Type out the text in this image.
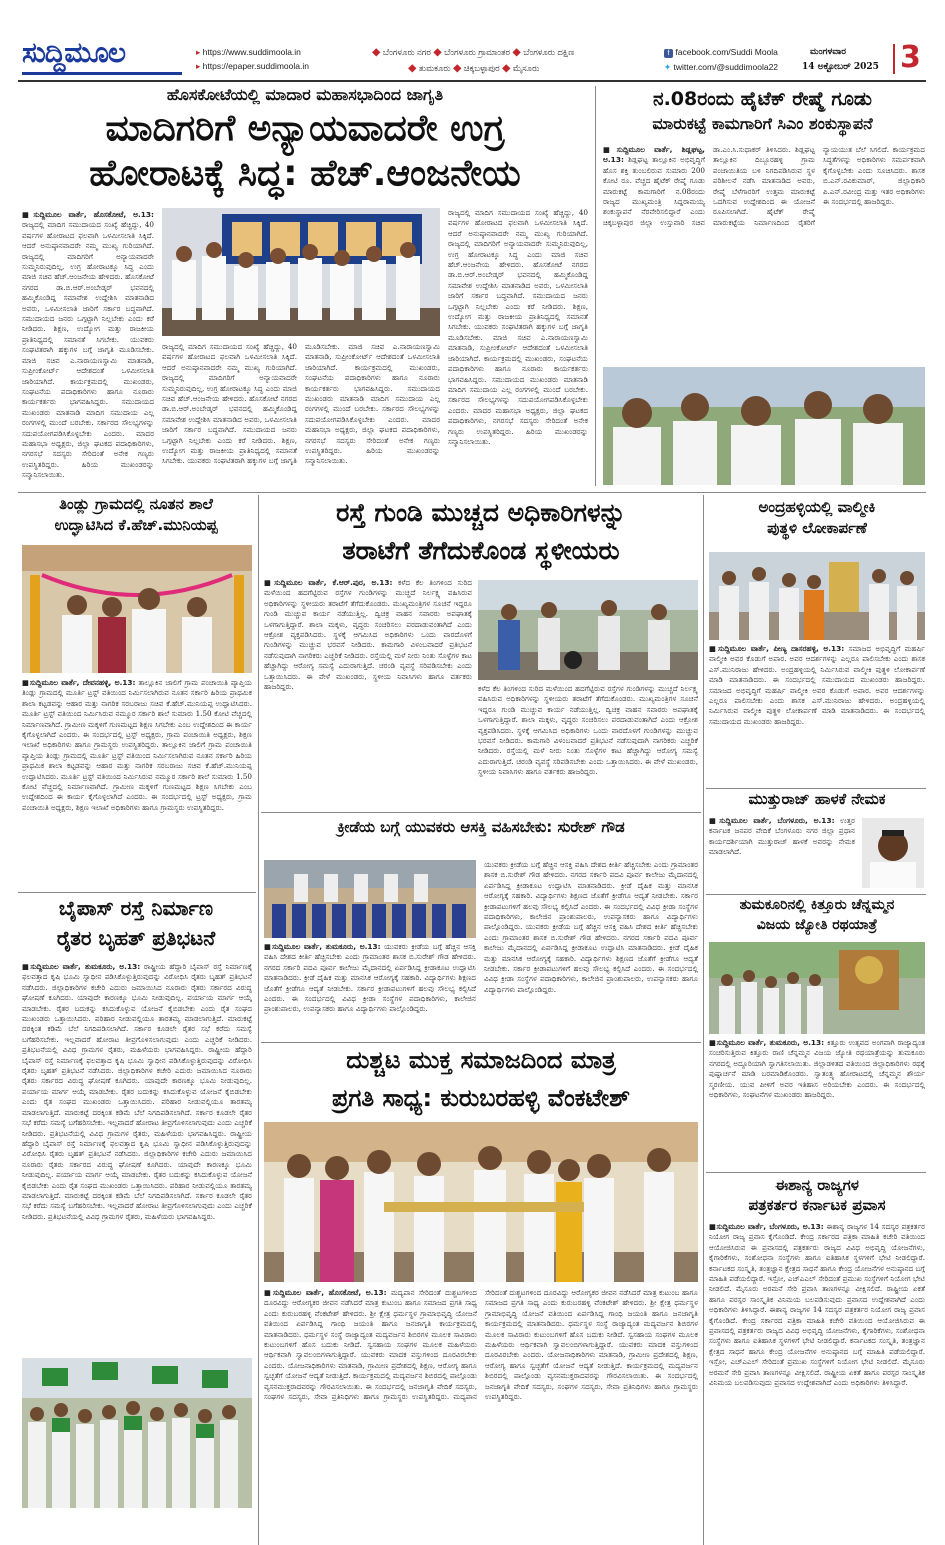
ಸುದ್ದಿಮೂಲ	▸ https://www.suddimoola.in
▸ https://epaper.suddimoola.in
◆ ಬೆಂಗಳೂರು ನಗರ ◆ ಬೆಂಗಳೂರು ಗ್ರಾಮಾಂತರ ◆ ಬೆಂಗಳೂರು ದಕ್ಷಿಣ
◆ ತುಮಕೂರು ◆ ಚಿಕ್ಕಬಳ್ಳಾಪುರ ◆ ಮೈಸೂರು
f facebook.com/Suddi Moola
✦ twitter.com/@suddimoola22
ಮಂಗಳವಾರ
14 ಅಕ್ಟೋಬರ್ 2025 3
ಹೊಸಕೋಟೆಯಲ್ಲಿ ಮಾದಾರ ಮಹಾಸಭಾದಿಂದ ಜಾಗೃತಿ
ಮಾದಿಗರಿಗೆ ಅನ್ಯಾಯವಾದರೇ ಉಗ್ರ
ಹೋರಾಟಕ್ಕೆ ಸಿದ್ಧ: ಹೆಚ್.ಆಂಜನೇಯ
■ಸುದ್ದಿಮೂಲ ವಾರ್ತೆ, ಹೊಸಕೋಟೆ, ಅ.13: ರಾಜ್ಯದಲ್ಲಿ ಮಾದಿಗ ಸಮುದಾಯದ ಸಂಖ್ಯೆ ಹೆಚ್ಚಿದ್ದು, 40 ವರ್ಷಗಳ ಹೋರಾಟದ ಫಲವಾಗಿ ಒಳಮೀಸಲಾತಿ ಸಿಕ್ಕಿದೆ. ಆದರೆ ಅನುಷ್ಠಾನವಾದರೇ ನಮ್ಮ ಮುಖ್ಯ ಗುರಿಯಾಗಿದೆ. ರಾಜ್ಯದಲ್ಲಿ ಮಾದಿಗರಿಗೆ ಅನ್ಯಾಯವಾದರೇ ಸುಮ್ಮನಿರುವುದಿಲ್ಲ, ಉಗ್ರ ಹೋರಾಟಕ್ಕೂ ಸಿದ್ಧ ಎಂದು ಮಾಜಿ ಸಚಿವ ಹೆಚ್.ಆಂಜನೇಯ ಹೇಳಿದರು. ಹೊಸಕೋಟೆ ನಗರದ ಡಾ.ಬಿ.ಆರ್.ಅಂಬೇಡ್ಕರ್ ಭವನದಲ್ಲಿ ಹಮ್ಮಿಕೊಂಡಿದ್ದ ಸಮಾವೇಶ ಉದ್ದೇಶಿಸಿ ಮಾತನಾಡಿದ ಅವರು, ಒಳಮೀಸಲಾತಿ ಜಾರಿಗೆ ಸರ್ಕಾರ ಬದ್ಧವಾಗಿದೆ. ಸಮುದಾಯದ ಜನರು ಒಗ್ಗಟ್ಟಾಗಿ ನಿಲ್ಲಬೇಕು ಎಂದು ಕರೆ ನೀಡಿದರು. ಶಿಕ್ಷಣ, ಉದ್ಯೋಗ ಮತ್ತು ರಾಜಕೀಯ ಪ್ರಾತಿನಿಧ್ಯದಲ್ಲಿ ಸಮಾನತೆ ಸಿಗಬೇಕು. ಯುವಕರು ಸಂಘಟಿತರಾಗಿ ಹಕ್ಕುಗಳ ಬಗ್ಗೆ ಜಾಗೃತಿ ಮೂಡಿಸಬೇಕು. ಮಾಜಿ ಸಚಿವ ಎ.ನಾರಾಯಣಸ್ವಾಮಿ ಮಾತನಾಡಿ, ಸುಪ್ರೀಂಕೋರ್ಟ್ ಆದೇಶದಂತೆ ಒಳಮೀಸಲಾತಿ ಜಾರಿಯಾಗಿದೆ. ಕಾರ್ಯಕ್ರಮದಲ್ಲಿ ಮುಖಂಡರು, ಸಂಘಟನೆಯ ಪದಾಧಿಕಾರಿಗಳು ಹಾಗೂ ನೂರಾರು ಕಾರ್ಯಕರ್ತರು ಭಾಗವಹಿಸಿದ್ದರು. ಸಮುದಾಯದ ಮುಖಂಡರು ಮಾತನಾಡಿ ಮಾದಿಗ ಸಮುದಾಯ ಎಲ್ಲ ರಂಗಗಳಲ್ಲಿ ಮುಂದೆ ಬರಬೇಕು. ಸರ್ಕಾರದ ಸೌಲಭ್ಯಗಳನ್ನು ಸದುಪಯೋಗಪಡಿಸಿಕೊಳ್ಳಬೇಕು ಎಂದರು. ಮಾದರ ಮಹಾಸಭಾ ಅಧ್ಯಕ್ಷರು, ಜಿಲ್ಲಾ ಘಟಕದ ಪದಾಧಿಕಾರಿಗಳು, ನಗರಸಭೆ ಸದಸ್ಯರು ಸೇರಿದಂತೆ ಅನೇಕ ಗಣ್ಯರು ಉಪಸ್ಥಿತರಿದ್ದರು. ಹಿರಿಯ ಮುಖಂಡರನ್ನು ಸನ್ಮಾನಿಸಲಾಯಿತು.
ರಾಜ್ಯದಲ್ಲಿ ಮಾದಿಗ ಸಮುದಾಯದ ಸಂಖ್ಯೆ ಹೆಚ್ಚಿದ್ದು, 40 ವರ್ಷಗಳ ಹೋರಾಟದ ಫಲವಾಗಿ ಒಳಮೀಸಲಾತಿ ಸಿಕ್ಕಿದೆ. ಆದರೆ ಅನುಷ್ಠಾನವಾದರೇ ನಮ್ಮ ಮುಖ್ಯ ಗುರಿಯಾಗಿದೆ. ರಾಜ್ಯದಲ್ಲಿ ಮಾದಿಗರಿಗೆ ಅನ್ಯಾಯವಾದರೇ ಸುಮ್ಮನಿರುವುದಿಲ್ಲ, ಉಗ್ರ ಹೋರಾಟಕ್ಕೂ ಸಿದ್ಧ ಎಂದು ಮಾಜಿ ಸಚಿವ ಹೆಚ್.ಆಂಜನೇಯ ಹೇಳಿದರು. ಹೊಸಕೋಟೆ ನಗರದ ಡಾ.ಬಿ.ಆರ್.ಅಂಬೇಡ್ಕರ್ ಭವನದಲ್ಲಿ ಹಮ್ಮಿಕೊಂಡಿದ್ದ ಸಮಾವೇಶ ಉದ್ದೇಶಿಸಿ ಮಾತನಾಡಿದ ಅವರು, ಒಳಮೀಸಲಾತಿ ಜಾರಿಗೆ ಸರ್ಕಾರ ಬದ್ಧವಾಗಿದೆ. ಸಮುದಾಯದ ಜನರು ಒಗ್ಗಟ್ಟಾಗಿ ನಿಲ್ಲಬೇಕು ಎಂದು ಕರೆ ನೀಡಿದರು. ಶಿಕ್ಷಣ, ಉದ್ಯೋಗ ಮತ್ತು ರಾಜಕೀಯ ಪ್ರಾತಿನಿಧ್ಯದಲ್ಲಿ ಸಮಾನತೆ ಸಿಗಬೇಕು. ಯುವಕರು ಸಂಘಟಿತರಾಗಿ ಹಕ್ಕುಗಳ ಬಗ್ಗೆ ಜಾಗೃತಿ ಮೂಡಿಸಬೇಕು. ಮಾಜಿ ಸಚಿವ ಎ.ನಾರಾಯಣಸ್ವಾಮಿ ಮಾತನಾಡಿ, ಸುಪ್ರೀಂಕೋರ್ಟ್ ಆದೇಶದಂತೆ ಒಳಮೀಸಲಾತಿ ಜಾರಿಯಾಗಿದೆ. ಕಾರ್ಯಕ್ರಮದಲ್ಲಿ ಮುಖಂಡರು, ಸಂಘಟನೆಯ ಪದಾಧಿಕಾರಿಗಳು ಹಾಗೂ ನೂರಾರು ಕಾರ್ಯಕರ್ತರು ಭಾಗವಹಿಸಿದ್ದರು. ಸಮುದಾಯದ ಮುಖಂಡರು ಮಾತನಾಡಿ ಮಾದಿಗ ಸಮುದಾಯ ಎಲ್ಲ ರಂಗಗಳಲ್ಲಿ ಮುಂದೆ ಬರಬೇಕು. ಸರ್ಕಾರದ ಸೌಲಭ್ಯಗಳನ್ನು ಸದುಪಯೋಗಪಡಿಸಿಕೊಳ್ಳಬೇಕು ಎಂದರು. ಮಾದರ ಮಹಾಸಭಾ ಅಧ್ಯಕ್ಷರು, ಜಿಲ್ಲಾ ಘಟಕದ ಪದಾಧಿಕಾರಿಗಳು, ನಗರಸಭೆ ಸದಸ್ಯರು ಸೇರಿದಂತೆ ಅನೇಕ ಗಣ್ಯರು ಉಪಸ್ಥಿತರಿದ್ದರು. ಹಿರಿಯ ಮುಖಂಡರನ್ನು ಸನ್ಮಾನಿಸಲಾಯಿತು.
ರಾಜ್ಯದಲ್ಲಿ ಮಾದಿಗ ಸಮುದಾಯದ ಸಂಖ್ಯೆ ಹೆಚ್ಚಿದ್ದು, 40 ವರ್ಷಗಳ ಹೋರಾಟದ ಫಲವಾಗಿ ಒಳಮೀಸಲಾತಿ ಸಿಕ್ಕಿದೆ. ಆದರೆ ಅನುಷ್ಠಾನವಾದರೇ ನಮ್ಮ ಮುಖ್ಯ ಗುರಿಯಾಗಿದೆ. ರಾಜ್ಯದಲ್ಲಿ ಮಾದಿಗರಿಗೆ ಅನ್ಯಾಯವಾದರೇ ಸುಮ್ಮನಿರುವುದಿಲ್ಲ, ಉಗ್ರ ಹೋರಾಟಕ್ಕೂ ಸಿದ್ಧ ಎಂದು ಮಾಜಿ ಸಚಿವ ಹೆಚ್.ಆಂಜನೇಯ ಹೇಳಿದರು. ಹೊಸಕೋಟೆ ನಗರದ ಡಾ.ಬಿ.ಆರ್.ಅಂಬೇಡ್ಕರ್ ಭವನದಲ್ಲಿ ಹಮ್ಮಿಕೊಂಡಿದ್ದ ಸಮಾವೇಶ ಉದ್ದೇಶಿಸಿ ಮಾತನಾಡಿದ ಅವರು, ಒಳಮೀಸಲಾತಿ ಜಾರಿಗೆ ಸರ್ಕಾರ ಬದ್ಧವಾಗಿದೆ. ಸಮುದಾಯದ ಜನರು ಒಗ್ಗಟ್ಟಾಗಿ ನಿಲ್ಲಬೇಕು ಎಂದು ಕರೆ ನೀಡಿದರು. ಶಿಕ್ಷಣ, ಉದ್ಯೋಗ ಮತ್ತು ರಾಜಕೀಯ ಪ್ರಾತಿನಿಧ್ಯದಲ್ಲಿ ಸಮಾನತೆ ಸಿಗಬೇಕು. ಯುವಕರು ಸಂಘಟಿತರಾಗಿ ಹಕ್ಕುಗಳ ಬಗ್ಗೆ ಜಾಗೃತಿ ಮೂಡಿಸಬೇಕು. ಮಾಜಿ ಸಚಿವ ಎ.ನಾರಾಯಣಸ್ವಾಮಿ ಮಾತನಾಡಿ, ಸುಪ್ರೀಂಕೋರ್ಟ್ ಆದೇಶದಂತೆ ಒಳಮೀಸಲಾತಿ ಜಾರಿಯಾಗಿದೆ. ಕಾರ್ಯಕ್ರಮದಲ್ಲಿ ಮುಖಂಡರು, ಸಂಘಟನೆಯ ಪದಾಧಿಕಾರಿಗಳು ಹಾಗೂ ನೂರಾರು ಕಾರ್ಯಕರ್ತರು ಭಾಗವಹಿಸಿದ್ದರು. ಸಮುದಾಯದ ಮುಖಂಡರು ಮಾತನಾಡಿ ಮಾದಿಗ ಸಮುದಾಯ ಎಲ್ಲ ರಂಗಗಳಲ್ಲಿ ಮುಂದೆ ಬರಬೇಕು. ಸರ್ಕಾರದ ಸೌಲಭ್ಯಗಳನ್ನು ಸದುಪಯೋಗಪಡಿಸಿಕೊಳ್ಳಬೇಕು ಎಂದರು. ಮಾದರ ಮಹಾಸಭಾ ಅಧ್ಯಕ್ಷರು, ಜಿಲ್ಲಾ ಘಟಕದ ಪದಾಧಿಕಾರಿಗಳು, ನಗರಸಭೆ ಸದಸ್ಯರು ಸೇರಿದಂತೆ ಅನೇಕ ಗಣ್ಯರು ಉಪಸ್ಥಿತರಿದ್ದರು. ಹಿರಿಯ ಮುಖಂಡರನ್ನು ಸನ್ಮಾನಿಸಲಾಯಿತು.
ನ.08ರಂದು ಹೈಟೆಕ್ ರೇಷ್ಮೆ ಗೂಡು
ಮಾರುಕಟ್ಟೆ ಕಾಮಗಾರಿಗೆ ಸಿಎಂ ಶಂಕುಸ್ಥಾಪನೆ
■ಸುದ್ದಿಮೂಲ ವಾರ್ತೆ, ಶಿಡ್ಲಘಟ್ಟ, ಅ.13: ಶಿಡ್ಲಘಟ್ಟ ತಾಲ್ಲೂಕಿನ ಅಭಿವೃದ್ಧಿಗೆ ಹೊಸ ಶಕ್ತಿ ತುಂಬಲಿರುವ ಸುಮಾರು 200 ಕೋಟಿ ರೂ. ವೆಚ್ಚದ ಹೈಟೆಕ್ ರೇಷ್ಮೆ ಗೂಡು ಮಾರುಕಟ್ಟೆ ಕಾಮಗಾರಿಗೆ ನ.08ರಂದು ರಾಜ್ಯದ ಮುಖ್ಯಮಂತ್ರಿ ಸಿದ್ದರಾಮಯ್ಯ ಶಂಕುಸ್ಥಾಪನೆ ನೆರವೇರಿಸಲಿದ್ದಾರೆ ಎಂದು ಚಿಕ್ಕಬಳ್ಳಾಪುರ ಜಿಲ್ಲಾ ಉಸ್ತುವಾರಿ ಸಚಿವ ಡಾ.ಎಂ.ಸಿ.ಸುಧಾಕರ್ ತಿಳಿಸಿದರು. ಶಿಡ್ಲಘಟ್ಟ ತಾಲ್ಲೂಕಿನ ದಿಬ್ಬೂರಹಳ್ಳಿ ಗ್ರಾಮ ಪಂಚಾಯಿತಿಯ ಬಳಿ ನಿಗದಿಪಡಿಸಿರುವ ಸ್ಥಳ ಪರಿಶೀಲನೆ ನಡೆಸಿ ಮಾತನಾಡಿದ ಅವರು, ರೇಷ್ಮೆ ಬೆಳೆಗಾರರಿಗೆ ಉತ್ತಮ ಮಾರುಕಟ್ಟೆ ಒದಗಿಸುವ ಉದ್ದೇಶದಿಂದ ಈ ಯೋಜನೆ ರೂಪಿಸಲಾಗಿದೆ. ಹೈಟೆಕ್ ರೇಷ್ಮೆ ಮಾರುಕಟ್ಟೆಯ ನಿರ್ಮಾಣದಿಂದ ರೈತರಿಗೆ ನ್ಯಾಯಯುತ ಬೆಲೆ ಸಿಗಲಿದೆ. ಕಾರ್ಯಕ್ರಮದ ಸಿದ್ಧತೆಗಳನ್ನು ಅಧಿಕಾರಿಗಳು ಸಮರ್ಪಕವಾಗಿ ಕೈಗೊಳ್ಳಬೇಕು ಎಂದು ಸೂಚಿಸಿದರು. ಶಾಸಕ ಬಿ.ಎನ್.ರವಿಕುಮಾರ್, ಜಿಲ್ಲಾಧಿಕಾರಿ ಪಿ.ಎನ್.ರವೀಂದ್ರ ಮತ್ತು ಇತರ ಅಧಿಕಾರಿಗಳು ಈ ಸಂದರ್ಭದಲ್ಲಿ ಹಾಜರಿದ್ದರು.
ತಿಂಡ್ಲು ಗ್ರಾಮದಲ್ಲಿ ನೂತನ ಶಾಲೆ
ಉದ್ಘಾಟಿಸಿದ ಕೆ.ಹೆಚ್.ಮುನಿಯಪ್ಪ
■ಸುದ್ದಿಮೂಲ ವಾರ್ತೆ, ದೇವನಹಳ್ಳಿ, ಅ.13: ತಾಲ್ಲೂಕಿನ ಜಾಲಿಗೆ ಗ್ರಾಮ ಪಂಚಾಯಿತಿ ವ್ಯಾಪ್ತಿಯ ತಿಂಡ್ಲು ಗ್ರಾಮದಲ್ಲಿ ಮೂರ್ತಿ ಟ್ರಸ್ಟ್ ವತಿಯಿಂದ ನಿರ್ಮಿಸಲಾಗಿರುವ ನೂತನ ಸರ್ಕಾರಿ ಹಿರಿಯ ಪ್ರಾಥಮಿಕ ಶಾಲಾ ಕಟ್ಟಡವನ್ನು ಆಹಾರ ಮತ್ತು ನಾಗರಿಕ ಸರಬರಾಜು ಸಚಿವ ಕೆ.ಹೆಚ್.ಮುನಿಯಪ್ಪ ಉದ್ಘಾಟಿಸಿದರು. ಮೂರ್ತಿ ಟ್ರಸ್ಟ್ ವತಿಯಿಂದ ನಿರ್ಮಿಸಿರುವ ನಮ್ಮೂರ ಸರ್ಕಾರಿ ಶಾಲೆ ಸುಮಾರು 1.50 ಕೋಟಿ ವೆಚ್ಚದಲ್ಲಿ ನಿರ್ಮಾಣವಾಗಿದೆ. ಗ್ರಾಮೀಣ ಮಕ್ಕಳಿಗೆ ಗುಣಮಟ್ಟದ ಶಿಕ್ಷಣ ಸಿಗಬೇಕು ಎಂಬ ಉದ್ದೇಶದಿಂದ ಈ ಕಾರ್ಯ ಕೈಗೊಳ್ಳಲಾಗಿದೆ ಎಂದರು. ಈ ಸಂದರ್ಭದಲ್ಲಿ ಟ್ರಸ್ಟ್ ಅಧ್ಯಕ್ಷರು, ಗ್ರಾಮ ಪಂಚಾಯಿತಿ ಅಧ್ಯಕ್ಷರು, ಶಿಕ್ಷಣ ಇಲಾಖೆ ಅಧಿಕಾರಿಗಳು ಹಾಗೂ ಗ್ರಾಮಸ್ಥರು ಉಪಸ್ಥಿತರಿದ್ದರು. ತಾಲ್ಲೂಕಿನ ಜಾಲಿಗೆ ಗ್ರಾಮ ಪಂಚಾಯಿತಿ ವ್ಯಾಪ್ತಿಯ ತಿಂಡ್ಲು ಗ್ರಾಮದಲ್ಲಿ ಮೂರ್ತಿ ಟ್ರಸ್ಟ್ ವತಿಯಿಂದ ನಿರ್ಮಿಸಲಾಗಿರುವ ನೂತನ ಸರ್ಕಾರಿ ಹಿರಿಯ ಪ್ರಾಥಮಿಕ ಶಾಲಾ ಕಟ್ಟಡವನ್ನು ಆಹಾರ ಮತ್ತು ನಾಗರಿಕ ಸರಬರಾಜು ಸಚಿವ ಕೆ.ಹೆಚ್.ಮುನಿಯಪ್ಪ ಉದ್ಘಾಟಿಸಿದರು. ಮೂರ್ತಿ ಟ್ರಸ್ಟ್ ವತಿಯಿಂದ ನಿರ್ಮಿಸಿರುವ ನಮ್ಮೂರ ಸರ್ಕಾರಿ ಶಾಲೆ ಸುಮಾರು 1.50 ಕೋಟಿ ವೆಚ್ಚದಲ್ಲಿ ನಿರ್ಮಾಣವಾಗಿದೆ. ಗ್ರಾಮೀಣ ಮಕ್ಕಳಿಗೆ ಗುಣಮಟ್ಟದ ಶಿಕ್ಷಣ ಸಿಗಬೇಕು ಎಂಬ ಉದ್ದೇಶದಿಂದ ಈ ಕಾರ್ಯ ಕೈಗೊಳ್ಳಲಾಗಿದೆ ಎಂದರು. ಈ ಸಂದರ್ಭದಲ್ಲಿ ಟ್ರಸ್ಟ್ ಅಧ್ಯಕ್ಷರು, ಗ್ರಾಮ ಪಂಚಾಯಿತಿ ಅಧ್ಯಕ್ಷರು, ಶಿಕ್ಷಣ ಇಲಾಖೆ ಅಧಿಕಾರಿಗಳು ಹಾಗೂ ಗ್ರಾಮಸ್ಥರು ಉಪಸ್ಥಿತರಿದ್ದರು.
ರಸ್ತೆ ಗುಂಡಿ ಮುಚ್ಚದ ಅಧಿಕಾರಿಗಳನ್ನು
ತರಾಟೆಗೆ ತೆಗೆದುಕೊಂಡ ಸ್ಥಳೀಯರು
■ಸುದ್ದಿಮೂಲ ವಾರ್ತೆ, ಕೆ.ಆರ್.ಪುರ, ಅ.13: ಕಳೆದ ಕೆಲ ತಿಂಗಳಿಂದ ಸುರಿದ ಮಳೆಯಿಂದ ಹದಗೆಟ್ಟಿರುವ ರಸ್ತೆಗಳ ಗುಂಡಿಗಳನ್ನು ಮುಚ್ಚದೆ ನಿರ್ಲಕ್ಷ್ಯ ವಹಿಸಿರುವ ಅಧಿಕಾರಿಗಳನ್ನು ಸ್ಥಳೀಯರು ತರಾಟೆಗೆ ತೆಗೆದುಕೊಂಡರು. ಮುಖ್ಯಮಂತ್ರಿಗಳ ಸೂಚನೆ ಇದ್ದರೂ ಗುಂಡಿ ಮುಚ್ಚುವ ಕಾರ್ಯ ನಡೆಯುತ್ತಿಲ್ಲ. ದ್ವಿಚಕ್ರ ವಾಹನ ಸವಾರರು ಅಪಘಾತಕ್ಕೆ ಒಳಗಾಗುತ್ತಿದ್ದಾರೆ. ಶಾಲಾ ಮಕ್ಕಳು, ವೃದ್ಧರು ಸಂಚರಿಸಲು ಪರದಾಡುವಂತಾಗಿದೆ ಎಂದು ಆಕ್ರೋಶ ವ್ಯಕ್ತಪಡಿಸಿದರು. ಸ್ಥಳಕ್ಕೆ ಆಗಮಿಸಿದ ಅಧಿಕಾರಿಗಳು ಒಂದು ವಾರದೊಳಗೆ ಗುಂಡಿಗಳನ್ನು ಮುಚ್ಚುವ ಭರವಸೆ ನೀಡಿದರು. ಕಾಮಗಾರಿ ವಿಳಂಬವಾದರೆ ಪ್ರತಿಭಟನೆ ನಡೆಸುವುದಾಗಿ ನಾಗರಿಕರು ಎಚ್ಚರಿಕೆ ನೀಡಿದರು. ರಸ್ತೆಯಲ್ಲಿ ಮಳೆ ನೀರು ನಿಂತು ಸೊಳ್ಳೆಗಳ ಕಾಟ ಹೆಚ್ಚಾಗಿದ್ದು ಆರೋಗ್ಯ ಸಮಸ್ಯೆ ಎದುರಾಗುತ್ತಿದೆ. ಚರಂಡಿ ವ್ಯವಸ್ಥೆ ಸರಿಪಡಿಸಬೇಕು ಎಂದು ಒತ್ತಾಯಿಸಿದರು. ಈ ವೇಳೆ ಮುಖಂಡರು, ಸ್ಥಳೀಯ ನಿವಾಸಿಗಳು ಹಾಗೂ ವರ್ತಕರು ಹಾಜರಿದ್ದರು.	ಕಳೆದ ಕೆಲ ತಿಂಗಳಿಂದ ಸುರಿದ ಮಳೆಯಿಂದ ಹದಗೆಟ್ಟಿರುವ ರಸ್ತೆಗಳ ಗುಂಡಿಗಳನ್ನು ಮುಚ್ಚದೆ ನಿರ್ಲಕ್ಷ್ಯ ವಹಿಸಿರುವ ಅಧಿಕಾರಿಗಳನ್ನು ಸ್ಥಳೀಯರು ತರಾಟೆಗೆ ತೆಗೆದುಕೊಂಡರು. ಮುಖ್ಯಮಂತ್ರಿಗಳ ಸೂಚನೆ ಇದ್ದರೂ ಗುಂಡಿ ಮುಚ್ಚುವ ಕಾರ್ಯ ನಡೆಯುತ್ತಿಲ್ಲ. ದ್ವಿಚಕ್ರ ವಾಹನ ಸವಾರರು ಅಪಘಾತಕ್ಕೆ ಒಳಗಾಗುತ್ತಿದ್ದಾರೆ. ಶಾಲಾ ಮಕ್ಕಳು, ವೃದ್ಧರು ಸಂಚರಿಸಲು ಪರದಾಡುವಂತಾಗಿದೆ ಎಂದು ಆಕ್ರೋಶ ವ್ಯಕ್ತಪಡಿಸಿದರು. ಸ್ಥಳಕ್ಕೆ ಆಗಮಿಸಿದ ಅಧಿಕಾರಿಗಳು ಒಂದು ವಾರದೊಳಗೆ ಗುಂಡಿಗಳನ್ನು ಮುಚ್ಚುವ ಭರವಸೆ ನೀಡಿದರು. ಕಾಮಗಾರಿ ವಿಳಂಬವಾದರೆ ಪ್ರತಿಭಟನೆ ನಡೆಸುವುದಾಗಿ ನಾಗರಿಕರು ಎಚ್ಚರಿಕೆ ನೀಡಿದರು. ರಸ್ತೆಯಲ್ಲಿ ಮಳೆ ನೀರು ನಿಂತು ಸೊಳ್ಳೆಗಳ ಕಾಟ ಹೆಚ್ಚಾಗಿದ್ದು ಆರೋಗ್ಯ ಸಮಸ್ಯೆ ಎದುರಾಗುತ್ತಿದೆ. ಚರಂಡಿ ವ್ಯವಸ್ಥೆ ಸರಿಪಡಿಸಬೇಕು ಎಂದು ಒತ್ತಾಯಿಸಿದರು. ಈ ವೇಳೆ ಮುಖಂಡರು, ಸ್ಥಳೀಯ ನಿವಾಸಿಗಳು ಹಾಗೂ ವರ್ತಕರು ಹಾಜರಿದ್ದರು.
ಅಂದ್ರಹಳ್ಳಿಯಲ್ಲಿ ವಾಲ್ಮೀಕಿ
ಪುತ್ಥಳಿ ಲೋಕಾರ್ಪಣೆ
■ಸುದ್ದಿಮೂಲ ವಾರ್ತೆ, ಪೀಣ್ಯ ದಾಸರಹಳ್ಳಿ, ಅ.13: ಸಮಾಜದ ಅಭಿವೃದ್ಧಿಗೆ ಮಹರ್ಷಿ ವಾಲ್ಮೀಕಿ ಅವರ ಕೊಡುಗೆ ಅಪಾರ. ಅವರ ಆದರ್ಶಗಳನ್ನು ಎಲ್ಲರೂ ಪಾಲಿಸಬೇಕು ಎಂದು ಶಾಸಕ ಎಸ್.ಮುನಿರಾಜು ಹೇಳಿದರು. ಅಂದ್ರಹಳ್ಳಿಯಲ್ಲಿ ನಿರ್ಮಿಸಿರುವ ವಾಲ್ಮೀಕಿ ಪುತ್ಥಳಿ ಲೋಕಾರ್ಪಣೆ ಮಾಡಿ ಮಾತನಾಡಿದರು. ಈ ಸಂದರ್ಭದಲ್ಲಿ ಸಮುದಾಯದ ಮುಖಂಡರು ಹಾಜರಿದ್ದರು. ಸಮಾಜದ ಅಭಿವೃದ್ಧಿಗೆ ಮಹರ್ಷಿ ವಾಲ್ಮೀಕಿ ಅವರ ಕೊಡುಗೆ ಅಪಾರ. ಅವರ ಆದರ್ಶಗಳನ್ನು ಎಲ್ಲರೂ ಪಾಲಿಸಬೇಕು ಎಂದು ಶಾಸಕ ಎಸ್.ಮುನಿರಾಜು ಹೇಳಿದರು. ಅಂದ್ರಹಳ್ಳಿಯಲ್ಲಿ ನಿರ್ಮಿಸಿರುವ ವಾಲ್ಮೀಕಿ ಪುತ್ಥಳಿ ಲೋಕಾರ್ಪಣೆ ಮಾಡಿ ಮಾತನಾಡಿದರು. ಈ ಸಂದರ್ಭದಲ್ಲಿ ಸಮುದಾಯದ ಮುಖಂಡರು ಹಾಜರಿದ್ದರು.
ಮುತ್ತುರಾಜ್ ಹಾಳಕೆ ನೇಮಕ
■ಸುದ್ದಿಮೂಲ ವಾರ್ತೆ, ಬೆಂಗಳೂರು, ಅ.13: ಉತ್ತರ ಕರ್ನಾಟಕ ಜನಪರ ವೇದಿಕೆ ಬೆಂಗಳೂರು ನಗರ ಜಿಲ್ಲಾ ಪ್ರಧಾನ ಕಾರ್ಯದರ್ಶಿಯಾಗಿ ಮುತ್ತುರಾಜ್ ಹಾಳಕೆ ಅವರನ್ನು ನೇಮಕ ಮಾಡಲಾಗಿದೆ.
ಕ್ರೀಡೆಯ ಬಗ್ಗೆ ಯುವಕರು ಆಸಕ್ತಿ ವಹಿಸಬೇಕು: ಸುರೇಶ್ ಗೌಡ
■ಸುದ್ದಿಮೂಲ ವಾರ್ತೆ, ತುಮಕೂರು, ಅ.13: ಯುವಕರು ಕ್ರೀಡೆಯ ಬಗ್ಗೆ ಹೆಚ್ಚಿನ ಆಸಕ್ತಿ ವಹಿಸಿ ದೇಶದ ಕೀರ್ತಿ ಹೆಚ್ಚಿಸಬೇಕು ಎಂದು ಗ್ರಾಮಾಂತರ ಶಾಸಕ ಬಿ.ಸುರೇಶ್ ಗೌಡ ಹೇಳಿದರು. ನಗರದ ಸರ್ಕಾರಿ ಪದವಿ ಪೂರ್ವ ಕಾಲೇಜು ಮೈದಾನದಲ್ಲಿ ಏರ್ಪಡಿಸಿದ್ದ ಕ್ರೀಡಾಕೂಟ ಉದ್ಘಾಟಿಸಿ ಮಾತನಾಡಿದರು. ಕ್ರೀಡೆ ದೈಹಿಕ ಮತ್ತು ಮಾನಸಿಕ ಆರೋಗ್ಯಕ್ಕೆ ಸಹಕಾರಿ. ವಿದ್ಯಾರ್ಥಿಗಳು ಶಿಕ್ಷಣದ ಜೊತೆಗೆ ಕ್ರೀಡೆಗೂ ಆದ್ಯತೆ ನೀಡಬೇಕು. ಸರ್ಕಾರ ಕ್ರೀಡಾಪಟುಗಳಿಗೆ ಹಲವು ಸೌಲಭ್ಯ ಕಲ್ಪಿಸಿದೆ ಎಂದರು. ಈ ಸಂದರ್ಭದಲ್ಲಿ ವಿವಿಧ ಕ್ರೀಡಾ ಸಂಸ್ಥೆಗಳ ಪದಾಧಿಕಾರಿಗಳು, ಕಾಲೇಜಿನ ಪ್ರಾಂಶುಪಾಲರು, ಉಪನ್ಯಾಸಕರು ಹಾಗೂ ವಿದ್ಯಾರ್ಥಿಗಳು ಪಾಲ್ಗೊಂಡಿದ್ದರು.
ಯುವಕರು ಕ್ರೀಡೆಯ ಬಗ್ಗೆ ಹೆಚ್ಚಿನ ಆಸಕ್ತಿ ವಹಿಸಿ ದೇಶದ ಕೀರ್ತಿ ಹೆಚ್ಚಿಸಬೇಕು ಎಂದು ಗ್ರಾಮಾಂತರ ಶಾಸಕ ಬಿ.ಸುರೇಶ್ ಗೌಡ ಹೇಳಿದರು. ನಗರದ ಸರ್ಕಾರಿ ಪದವಿ ಪೂರ್ವ ಕಾಲೇಜು ಮೈದಾನದಲ್ಲಿ ಏರ್ಪಡಿಸಿದ್ದ ಕ್ರೀಡಾಕೂಟ ಉದ್ಘಾಟಿಸಿ ಮಾತನಾಡಿದರು. ಕ್ರೀಡೆ ದೈಹಿಕ ಮತ್ತು ಮಾನಸಿಕ ಆರೋಗ್ಯಕ್ಕೆ ಸಹಕಾರಿ. ವಿದ್ಯಾರ್ಥಿಗಳು ಶಿಕ್ಷಣದ ಜೊತೆಗೆ ಕ್ರೀಡೆಗೂ ಆದ್ಯತೆ ನೀಡಬೇಕು. ಸರ್ಕಾರ ಕ್ರೀಡಾಪಟುಗಳಿಗೆ ಹಲವು ಸೌಲಭ್ಯ ಕಲ್ಪಿಸಿದೆ ಎಂದರು. ಈ ಸಂದರ್ಭದಲ್ಲಿ ವಿವಿಧ ಕ್ರೀಡಾ ಸಂಸ್ಥೆಗಳ ಪದಾಧಿಕಾರಿಗಳು, ಕಾಲೇಜಿನ ಪ್ರಾಂಶುಪಾಲರು, ಉಪನ್ಯಾಸಕರು ಹಾಗೂ ವಿದ್ಯಾರ್ಥಿಗಳು ಪಾಲ್ಗೊಂಡಿದ್ದರು. ಯುವಕರು ಕ್ರೀಡೆಯ ಬಗ್ಗೆ ಹೆಚ್ಚಿನ ಆಸಕ್ತಿ ವಹಿಸಿ ದೇಶದ ಕೀರ್ತಿ ಹೆಚ್ಚಿಸಬೇಕು ಎಂದು ಗ್ರಾಮಾಂತರ ಶಾಸಕ ಬಿ.ಸುರೇಶ್ ಗೌಡ ಹೇಳಿದರು. ನಗರದ ಸರ್ಕಾರಿ ಪದವಿ ಪೂರ್ವ ಕಾಲೇಜು ಮೈದಾನದಲ್ಲಿ ಏರ್ಪಡಿಸಿದ್ದ ಕ್ರೀಡಾಕೂಟ ಉದ್ಘಾಟಿಸಿ ಮಾತನಾಡಿದರು. ಕ್ರೀಡೆ ದೈಹಿಕ ಮತ್ತು ಮಾನಸಿಕ ಆರೋಗ್ಯಕ್ಕೆ ಸಹಕಾರಿ. ವಿದ್ಯಾರ್ಥಿಗಳು ಶಿಕ್ಷಣದ ಜೊತೆಗೆ ಕ್ರೀಡೆಗೂ ಆದ್ಯತೆ ನೀಡಬೇಕು. ಸರ್ಕಾರ ಕ್ರೀಡಾಪಟುಗಳಿಗೆ ಹಲವು ಸೌಲಭ್ಯ ಕಲ್ಪಿಸಿದೆ ಎಂದರು. ಈ ಸಂದರ್ಭದಲ್ಲಿ ವಿವಿಧ ಕ್ರೀಡಾ ಸಂಸ್ಥೆಗಳ ಪದಾಧಿಕಾರಿಗಳು, ಕಾಲೇಜಿನ ಪ್ರಾಂಶುಪಾಲರು, ಉಪನ್ಯಾಸಕರು ಹಾಗೂ ವಿದ್ಯಾರ್ಥಿಗಳು ಪಾಲ್ಗೊಂಡಿದ್ದರು.
ಬೈಪಾಸ್ ರಸ್ತೆ ನಿರ್ಮಾಣ
ರೈತರ ಬೃಹತ್ ಪ್ರತಿಭಟನೆ
■ಸುದ್ದಿಮೂಲ ವಾರ್ತೆ, ತುಮಕೂರು, ಅ.13: ರಾಷ್ಟ್ರೀಯ ಹೆದ್ದಾರಿ ಬೈಪಾಸ್ ರಸ್ತೆ ನಿರ್ಮಾಣಕ್ಕೆ ಫಲವತ್ತಾದ ಕೃಷಿ ಭೂಮಿ ಸ್ವಾಧೀನ ಪಡಿಸಿಕೊಳ್ಳುತ್ತಿರುವುದನ್ನು ವಿರೋಧಿಸಿ ರೈತರು ಬೃಹತ್ ಪ್ರತಿಭಟನೆ ನಡೆಸಿದರು. ಜಿಲ್ಲಾಧಿಕಾರಿಗಳ ಕಚೇರಿ ಎದುರು ಜಮಾಯಿಸಿದ ನೂರಾರು ರೈತರು ಸರ್ಕಾರದ ವಿರುದ್ಧ ಘೋಷಣೆ ಕೂಗಿದರು. ಯಾವುದೇ ಕಾರಣಕ್ಕೂ ಭೂಮಿ ನೀಡುವುದಿಲ್ಲ. ಪರ್ಯಾಯ ಮಾರ್ಗ ಆಯ್ಕೆ ಮಾಡಬೇಕು. ರೈತರ ಬದುಕನ್ನು ಕಸಿದುಕೊಳ್ಳುವ ಯೋಜನೆ ಕೈಬಿಡಬೇಕು ಎಂದು ರೈತ ಸಂಘದ ಮುಖಂಡರು ಒತ್ತಾಯಿಸಿದರು. ಪರಿಹಾರ ನೀಡುವಲ್ಲಿಯೂ ತಾರತಮ್ಯ ಮಾಡಲಾಗುತ್ತಿದೆ. ಮಾರುಕಟ್ಟೆ ದರಕ್ಕಿಂತ ಕಡಿಮೆ ಬೆಲೆ ನಿಗದಿಪಡಿಸಲಾಗಿದೆ. ಸರ್ಕಾರ ಕೂಡಲೇ ರೈತರ ಸಭೆ ಕರೆದು ಸಮಸ್ಯೆ ಬಗೆಹರಿಸಬೇಕು. ಇಲ್ಲವಾದರೆ ಹೋರಾಟ ತೀವ್ರಗೊಳಿಸಲಾಗುವುದು ಎಂದು ಎಚ್ಚರಿಕೆ ನೀಡಿದರು. ಪ್ರತಿಭಟನೆಯಲ್ಲಿ ವಿವಿಧ ಗ್ರಾಮಗಳ ರೈತರು, ಮಹಿಳೆಯರು ಭಾಗವಹಿಸಿದ್ದರು. ರಾಷ್ಟ್ರೀಯ ಹೆದ್ದಾರಿ ಬೈಪಾಸ್ ರಸ್ತೆ ನಿರ್ಮಾಣಕ್ಕೆ ಫಲವತ್ತಾದ ಕೃಷಿ ಭೂಮಿ ಸ್ವಾಧೀನ ಪಡಿಸಿಕೊಳ್ಳುತ್ತಿರುವುದನ್ನು ವಿರೋಧಿಸಿ ರೈತರು ಬೃಹತ್ ಪ್ರತಿಭಟನೆ ನಡೆಸಿದರು. ಜಿಲ್ಲಾಧಿಕಾರಿಗಳ ಕಚೇರಿ ಎದುರು ಜಮಾಯಿಸಿದ ನೂರಾರು ರೈತರು ಸರ್ಕಾರದ ವಿರುದ್ಧ ಘೋಷಣೆ ಕೂಗಿದರು. ಯಾವುದೇ ಕಾರಣಕ್ಕೂ ಭೂಮಿ ನೀಡುವುದಿಲ್ಲ. ಪರ್ಯಾಯ ಮಾರ್ಗ ಆಯ್ಕೆ ಮಾಡಬೇಕು. ರೈತರ ಬದುಕನ್ನು ಕಸಿದುಕೊಳ್ಳುವ ಯೋಜನೆ ಕೈಬಿಡಬೇಕು ಎಂದು ರೈತ ಸಂಘದ ಮುಖಂಡರು ಒತ್ತಾಯಿಸಿದರು. ಪರಿಹಾರ ನೀಡುವಲ್ಲಿಯೂ ತಾರತಮ್ಯ ಮಾಡಲಾಗುತ್ತಿದೆ. ಮಾರುಕಟ್ಟೆ ದರಕ್ಕಿಂತ ಕಡಿಮೆ ಬೆಲೆ ನಿಗದಿಪಡಿಸಲಾಗಿದೆ. ಸರ್ಕಾರ ಕೂಡಲೇ ರೈತರ ಸಭೆ ಕರೆದು ಸಮಸ್ಯೆ ಬಗೆಹರಿಸಬೇಕು. ಇಲ್ಲವಾದರೆ ಹೋರಾಟ ತೀವ್ರಗೊಳಿಸಲಾಗುವುದು ಎಂದು ಎಚ್ಚರಿಕೆ ನೀಡಿದರು. ಪ್ರತಿಭಟನೆಯಲ್ಲಿ ವಿವಿಧ ಗ್ರಾಮಗಳ ರೈತರು, ಮಹಿಳೆಯರು ಭಾಗವಹಿಸಿದ್ದರು. ರಾಷ್ಟ್ರೀಯ ಹೆದ್ದಾರಿ ಬೈಪಾಸ್ ರಸ್ತೆ ನಿರ್ಮಾಣಕ್ಕೆ ಫಲವತ್ತಾದ ಕೃಷಿ ಭೂಮಿ ಸ್ವಾಧೀನ ಪಡಿಸಿಕೊಳ್ಳುತ್ತಿರುವುದನ್ನು ವಿರೋಧಿಸಿ ರೈತರು ಬೃಹತ್ ಪ್ರತಿಭಟನೆ ನಡೆಸಿದರು. ಜಿಲ್ಲಾಧಿಕಾರಿಗಳ ಕಚೇರಿ ಎದುರು ಜಮಾಯಿಸಿದ ನೂರಾರು ರೈತರು ಸರ್ಕಾರದ ವಿರುದ್ಧ ಘೋಷಣೆ ಕೂಗಿದರು. ಯಾವುದೇ ಕಾರಣಕ್ಕೂ ಭೂಮಿ ನೀಡುವುದಿಲ್ಲ. ಪರ್ಯಾಯ ಮಾರ್ಗ ಆಯ್ಕೆ ಮಾಡಬೇಕು. ರೈತರ ಬದುಕನ್ನು ಕಸಿದುಕೊಳ್ಳುವ ಯೋಜನೆ ಕೈಬಿಡಬೇಕು ಎಂದು ರೈತ ಸಂಘದ ಮುಖಂಡರು ಒತ್ತಾಯಿಸಿದರು. ಪರಿಹಾರ ನೀಡುವಲ್ಲಿಯೂ ತಾರತಮ್ಯ ಮಾಡಲಾಗುತ್ತಿದೆ. ಮಾರುಕಟ್ಟೆ ದರಕ್ಕಿಂತ ಕಡಿಮೆ ಬೆಲೆ ನಿಗದಿಪಡಿಸಲಾಗಿದೆ. ಸರ್ಕಾರ ಕೂಡಲೇ ರೈತರ ಸಭೆ ಕರೆದು ಸಮಸ್ಯೆ ಬಗೆಹರಿಸಬೇಕು. ಇಲ್ಲವಾದರೆ ಹೋರಾಟ ತೀವ್ರಗೊಳಿಸಲಾಗುವುದು ಎಂದು ಎಚ್ಚರಿಕೆ ನೀಡಿದರು. ಪ್ರತಿಭಟನೆಯಲ್ಲಿ ವಿವಿಧ ಗ್ರಾಮಗಳ ರೈತರು, ಮಹಿಳೆಯರು ಭಾಗವಹಿಸಿದ್ದರು.
ತುಮಕೂರಿನಲ್ಲಿ ಕಿತ್ತೂರು ಚೆನ್ನಮ್ಮನ
ವಿಜಯ ಜ್ಯೋತಿ ರಥಯಾತ್ರೆ
■ಸುದ್ದಿಮೂಲ ವಾರ್ತೆ, ತುಮಕೂರು, ಅ.13: ಕಿತ್ತೂರು ಉತ್ಸವದ ಅಂಗವಾಗಿ ರಾಜ್ಯಾದ್ಯಂತ ಸಂಚರಿಸುತ್ತಿರುವ ಕಿತ್ತೂರು ರಾಣಿ ಚೆನ್ನಮ್ಮನ ವಿಜಯ ಜ್ಯೋತಿ ರಥಯಾತ್ರೆಯನ್ನು ತುಮಕೂರು ನಗರದಲ್ಲಿ ಅದ್ದೂರಿಯಾಗಿ ಸ್ವಾಗತಿಸಲಾಯಿತು. ಜಿಲ್ಲಾಡಳಿತದ ವತಿಯಿಂದ ಜಿಲ್ಲಾಧಿಕಾರಿಗಳು ರಥಕ್ಕೆ ಪುಷ್ಪಾರ್ಚನೆ ಮಾಡಿ ಬರಮಾಡಿಕೊಂಡರು. ಸ್ವಾತಂತ್ರ್ಯ ಹೋರಾಟದಲ್ಲಿ ಚೆನ್ನಮ್ಮನ ಶೌರ್ಯ ಸ್ಮರಣೀಯ. ಯುವ ಪೀಳಿಗೆ ಅವರ ಇತಿಹಾಸ ಅರಿಯಬೇಕು ಎಂದರು. ಈ ಸಂದರ್ಭದಲ್ಲಿ ಅಧಿಕಾರಿಗಳು, ಸಂಘಟನೆಗಳ ಮುಖಂಡರು ಹಾಜರಿದ್ದರು.
ದುಶ್ಚಟ ಮುಕ್ತ ಸಮಾಜದಿಂದ ಮಾತ್ರ
ಪ್ರಗತಿ ಸಾಧ್ಯ: ಕುರುಬರಹಳ್ಳಿ ವೆಂಕಟೇಶ್
■ಸುದ್ದಿಮೂಲ ವಾರ್ತೆ, ಹೊಸಕೋಟೆ, ಅ.13: ಮದ್ಯಪಾನ ಸೇರಿದಂತೆ ದುಶ್ಚಟಗಳಿಂದ ದೂರವಿದ್ದು ಆರೋಗ್ಯಕರ ಜೀವನ ನಡೆಸಿದರೆ ಮಾತ್ರ ಕುಟುಂಬ ಹಾಗೂ ಸಮಾಜದ ಪ್ರಗತಿ ಸಾಧ್ಯ ಎಂದು ಕುರುಬರಹಳ್ಳಿ ವೆಂಕಟೇಶ್ ಹೇಳಿದರು. ಶ್ರೀ ಕ್ಷೇತ್ರ ಧರ್ಮಸ್ಥಳ ಗ್ರಾಮಾಭಿವೃದ್ಧಿ ಯೋಜನೆ ವತಿಯಿಂದ ಏರ್ಪಡಿಸಿದ್ದ ಗಾಂಧಿ ಜಯಂತಿ ಹಾಗೂ ಜನಜಾಗೃತಿ ಕಾರ್ಯಕ್ರಮದಲ್ಲಿ ಮಾತನಾಡಿದರು. ಧರ್ಮಸ್ಥಳ ಸಂಸ್ಥೆ ರಾಜ್ಯಾದ್ಯಂತ ಮದ್ಯವರ್ಜನ ಶಿಬಿರಗಳ ಮೂಲಕ ಸಾವಿರಾರು ಕುಟುಂಬಗಳಿಗೆ ಹೊಸ ಬದುಕು ನೀಡಿದೆ. ಸ್ವಸಹಾಯ ಸಂಘಗಳ ಮೂಲಕ ಮಹಿಳೆಯರು ಆರ್ಥಿಕವಾಗಿ ಸ್ವಾವಲಂಬಿಗಳಾಗುತ್ತಿದ್ದಾರೆ. ಯುವಕರು ಮಾದಕ ವಸ್ತುಗಳಿಂದ ದೂರವಿರಬೇಕು ಎಂದರು. ಯೋಜನಾಧಿಕಾರಿಗಳು ಮಾತನಾಡಿ, ಗ್ರಾಮೀಣ ಪ್ರದೇಶದಲ್ಲಿ ಶಿಕ್ಷಣ, ಆರೋಗ್ಯ ಹಾಗೂ ಸ್ವಚ್ಛತೆಗೆ ಯೋಜನೆ ಆದ್ಯತೆ ನೀಡುತ್ತಿದೆ. ಕಾರ್ಯಕ್ರಮದಲ್ಲಿ ಮದ್ಯವರ್ಜನ ಶಿಬಿರದಲ್ಲಿ ಪಾಲ್ಗೊಂಡು ವ್ಯಸನಮುಕ್ತರಾದವರನ್ನು ಗೌರವಿಸಲಾಯಿತು. ಈ ಸಂದರ್ಭದಲ್ಲಿ ಜನಜಾಗೃತಿ ವೇದಿಕೆ ಸದಸ್ಯರು, ಸಂಘಗಳ ಸದಸ್ಯರು, ಸೇವಾ ಪ್ರತಿನಿಧಿಗಳು ಹಾಗೂ ಗ್ರಾಮಸ್ಥರು ಉಪಸ್ಥಿತರಿದ್ದರು. ಮದ್ಯಪಾನ ಸೇರಿದಂತೆ ದುಶ್ಚಟಗಳಿಂದ ದೂರವಿದ್ದು ಆರೋಗ್ಯಕರ ಜೀವನ ನಡೆಸಿದರೆ ಮಾತ್ರ ಕುಟುಂಬ ಹಾಗೂ ಸಮಾಜದ ಪ್ರಗತಿ ಸಾಧ್ಯ ಎಂದು ಕುರುಬರಹಳ್ಳಿ ವೆಂಕಟೇಶ್ ಹೇಳಿದರು. ಶ್ರೀ ಕ್ಷೇತ್ರ ಧರ್ಮಸ್ಥಳ ಗ್ರಾಮಾಭಿವೃದ್ಧಿ ಯೋಜನೆ ವತಿಯಿಂದ ಏರ್ಪಡಿಸಿದ್ದ ಗಾಂಧಿ ಜಯಂತಿ ಹಾಗೂ ಜನಜಾಗೃತಿ ಕಾರ್ಯಕ್ರಮದಲ್ಲಿ ಮಾತನಾಡಿದರು. ಧರ್ಮಸ್ಥಳ ಸಂಸ್ಥೆ ರಾಜ್ಯಾದ್ಯಂತ ಮದ್ಯವರ್ಜನ ಶಿಬಿರಗಳ ಮೂಲಕ ಸಾವಿರಾರು ಕುಟುಂಬಗಳಿಗೆ ಹೊಸ ಬದುಕು ನೀಡಿದೆ. ಸ್ವಸಹಾಯ ಸಂಘಗಳ ಮೂಲಕ ಮಹಿಳೆಯರು ಆರ್ಥಿಕವಾಗಿ ಸ್ವಾವಲಂಬಿಗಳಾಗುತ್ತಿದ್ದಾರೆ. ಯುವಕರು ಮಾದಕ ವಸ್ತುಗಳಿಂದ ದೂರವಿರಬೇಕು ಎಂದರು. ಯೋಜನಾಧಿಕಾರಿಗಳು ಮಾತನಾಡಿ, ಗ್ರಾಮೀಣ ಪ್ರದೇಶದಲ್ಲಿ ಶಿಕ್ಷಣ, ಆರೋಗ್ಯ ಹಾಗೂ ಸ್ವಚ್ಛತೆಗೆ ಯೋಜನೆ ಆದ್ಯತೆ ನೀಡುತ್ತಿದೆ. ಕಾರ್ಯಕ್ರಮದಲ್ಲಿ ಮದ್ಯವರ್ಜನ ಶಿಬಿರದಲ್ಲಿ ಪಾಲ್ಗೊಂಡು ವ್ಯಸನಮುಕ್ತರಾದವರನ್ನು ಗೌರವಿಸಲಾಯಿತು. ಈ ಸಂದರ್ಭದಲ್ಲಿ ಜನಜಾಗೃತಿ ವೇದಿಕೆ ಸದಸ್ಯರು, ಸಂಘಗಳ ಸದಸ್ಯರು, ಸೇವಾ ಪ್ರತಿನಿಧಿಗಳು ಹಾಗೂ ಗ್ರಾಮಸ್ಥರು ಉಪಸ್ಥಿತರಿದ್ದರು.
ಈಶಾನ್ಯ ರಾಜ್ಯಗಳ
ಪತ್ರಕರ್ತರ ಕರ್ನಾಟಕ ಪ್ರವಾಸ
■ಸುದ್ದಿಮೂಲ ವಾರ್ತೆ, ಬೆಂಗಳೂರು, ಅ.13: ಈಶಾನ್ಯ ರಾಜ್ಯಗಳ 14 ಸದಸ್ಯರ ಪತ್ರಕರ್ತರ ನಿಯೋಗ ರಾಜ್ಯ ಪ್ರವಾಸ ಕೈಗೊಂಡಿದೆ. ಕೇಂದ್ರ ಸರ್ಕಾರದ ಪತ್ರಿಕಾ ಮಾಹಿತಿ ಕಚೇರಿ ವತಿಯಿಂದ ಆಯೋಜಿಸಿರುವ ಈ ಪ್ರವಾಸದಲ್ಲಿ ಪತ್ರಕರ್ತರು ರಾಜ್ಯದ ವಿವಿಧ ಅಭಿವೃದ್ಧಿ ಯೋಜನೆಗಳು, ಕೈಗಾರಿಕೆಗಳು, ಸಂಶೋಧನಾ ಸಂಸ್ಥೆಗಳು ಹಾಗೂ ಐತಿಹಾಸಿಕ ಸ್ಥಳಗಳಿಗೆ ಭೇಟಿ ನೀಡಲಿದ್ದಾರೆ. ಕರ್ನಾಟಕದ ಸಂಸ್ಕೃತಿ, ತಂತ್ರಜ್ಞಾನ ಕ್ಷೇತ್ರದ ಸಾಧನೆ ಹಾಗೂ ಕೇಂದ್ರ ಯೋಜನೆಗಳ ಅನುಷ್ಠಾನದ ಬಗ್ಗೆ ಮಾಹಿತಿ ಪಡೆಯಲಿದ್ದಾರೆ. ಇಸ್ರೋ, ಎಚ್‌ಎಎಲ್ ಸೇರಿದಂತೆ ಪ್ರಮುಖ ಸಂಸ್ಥೆಗಳಿಗೆ ನಿಯೋಗ ಭೇಟಿ ನೀಡಲಿದೆ. ಮೈಸೂರು ಅರಮನೆ ಸೇರಿ ಪ್ರವಾಸಿ ತಾಣಗಳನ್ನೂ ವೀಕ್ಷಿಸಲಿದೆ. ರಾಷ್ಟ್ರೀಯ ಏಕತೆ ಹಾಗೂ ಪರಸ್ಪರ ಸಾಂಸ್ಕೃತಿಕ ವಿನಿಮಯ ಬಲಪಡಿಸುವುದು ಪ್ರವಾಸದ ಉದ್ದೇಶವಾಗಿದೆ ಎಂದು ಅಧಿಕಾರಿಗಳು ತಿಳಿಸಿದ್ದಾರೆ. ಈಶಾನ್ಯ ರಾಜ್ಯಗಳ 14 ಸದಸ್ಯರ ಪತ್ರಕರ್ತರ ನಿಯೋಗ ರಾಜ್ಯ ಪ್ರವಾಸ ಕೈಗೊಂಡಿದೆ. ಕೇಂದ್ರ ಸರ್ಕಾರದ ಪತ್ರಿಕಾ ಮಾಹಿತಿ ಕಚೇರಿ ವತಿಯಿಂದ ಆಯೋಜಿಸಿರುವ ಈ ಪ್ರವಾಸದಲ್ಲಿ ಪತ್ರಕರ್ತರು ರಾಜ್ಯದ ವಿವಿಧ ಅಭಿವೃದ್ಧಿ ಯೋಜನೆಗಳು, ಕೈಗಾರಿಕೆಗಳು, ಸಂಶೋಧನಾ ಸಂಸ್ಥೆಗಳು ಹಾಗೂ ಐತಿಹಾಸಿಕ ಸ್ಥಳಗಳಿಗೆ ಭೇಟಿ ನೀಡಲಿದ್ದಾರೆ. ಕರ್ನಾಟಕದ ಸಂಸ್ಕೃತಿ, ತಂತ್ರಜ್ಞಾನ ಕ್ಷೇತ್ರದ ಸಾಧನೆ ಹಾಗೂ ಕೇಂದ್ರ ಯೋಜನೆಗಳ ಅನುಷ್ಠಾನದ ಬಗ್ಗೆ ಮಾಹಿತಿ ಪಡೆಯಲಿದ್ದಾರೆ. ಇಸ್ರೋ, ಎಚ್‌ಎಎಲ್ ಸೇರಿದಂತೆ ಪ್ರಮುಖ ಸಂಸ್ಥೆಗಳಿಗೆ ನಿಯೋಗ ಭೇಟಿ ನೀಡಲಿದೆ. ಮೈಸೂರು ಅರಮನೆ ಸೇರಿ ಪ್ರವಾಸಿ ತಾಣಗಳನ್ನೂ ವೀಕ್ಷಿಸಲಿದೆ. ರಾಷ್ಟ್ರೀಯ ಏಕತೆ ಹಾಗೂ ಪರಸ್ಪರ ಸಾಂಸ್ಕೃತಿಕ ವಿನಿಮಯ ಬಲಪಡಿಸುವುದು ಪ್ರವಾಸದ ಉದ್ದೇಶವಾಗಿದೆ ಎಂದು ಅಧಿಕಾರಿಗಳು ತಿಳಿಸಿದ್ದಾರೆ.
